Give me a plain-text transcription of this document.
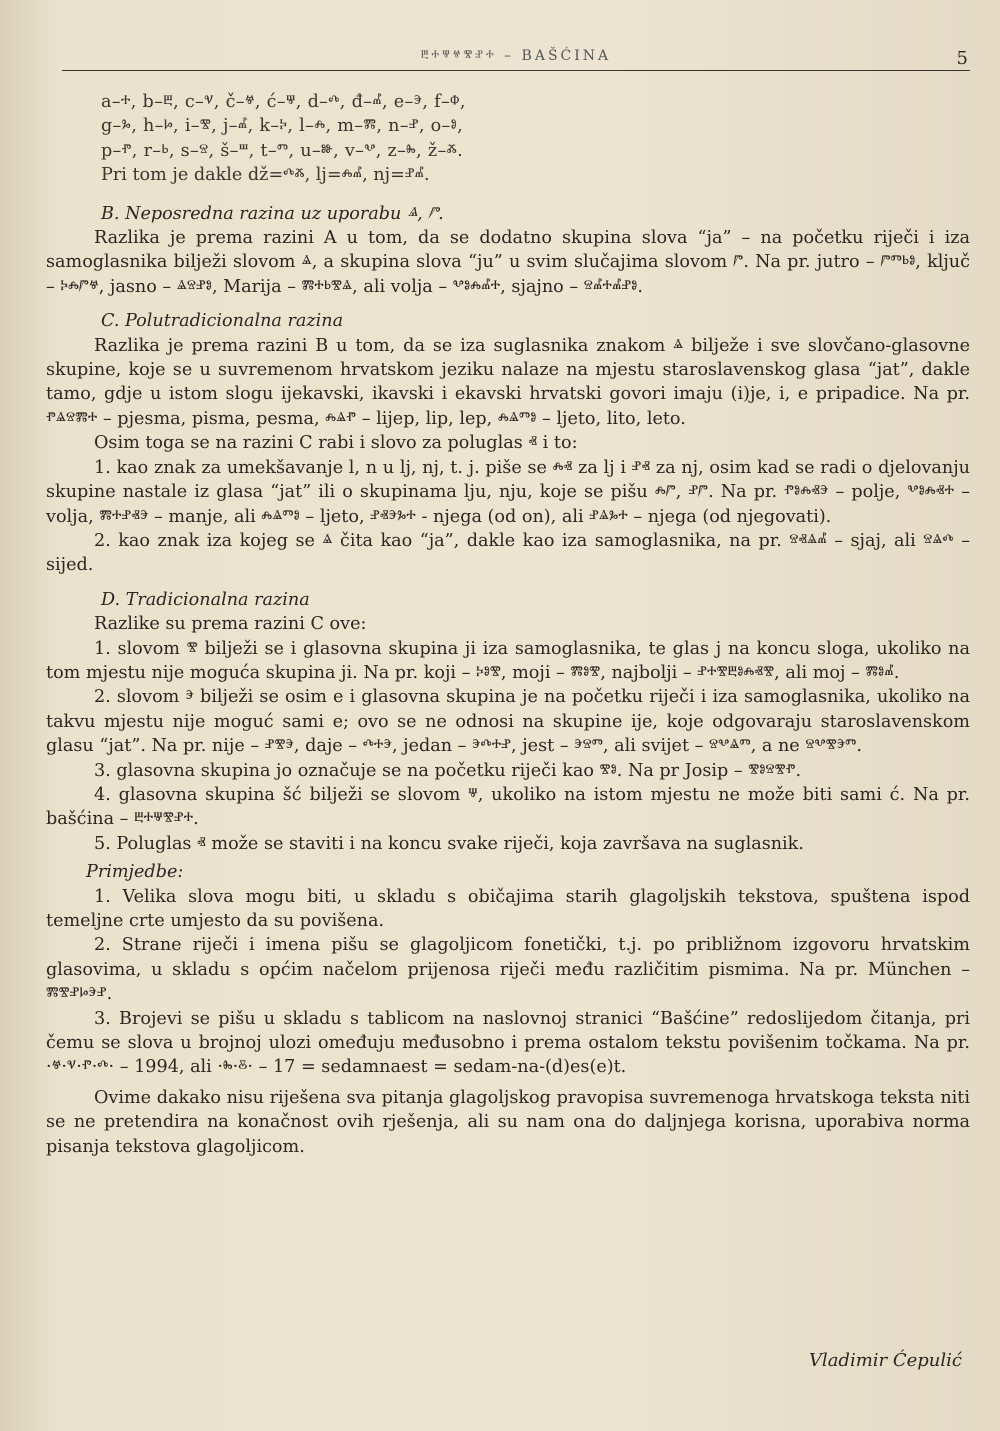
ⰱⰰⱋⱍⰺⱀⰰ – BAŠĆINA	5

a–ⰰ, b–ⰱ, c–ⱌ, č–ⱍ, ć–ⱋ, d–ⰴ, đ–ⰼ, e–ⰵ, f–ⱇ,

g–ⰳ, h–ⱈ, i–ⰺ, j–ⰼ, k–ⰽ, l–ⰾ, m–ⰿ, n–ⱀ, o–ⱁ,

p–ⱂ, r–ⱃ, s–ⱄ, š–ⱎ, t–ⱅ, u–ⱆ, v–ⰲ, z–ⰸ, ž–ⰶ.

Pri tom je dakle dž=ⰴⰶ, lj=ⰾⰼ, nj=ⱀⰼ.

B. Neposredna razina uz uporabu ⱑ, ⱓ.

Razlika je prema razini A u tom, da se dodatno skupina slova “ja” – na početku riječi i iza samoglasnika bilježi slovom ⱑ, a skupina slova “ju” u svim slučajima slovom ⱓ. Na pr. jutro – ⱓⱅⱃⱁ, ključ – ⰽⰾⱓⱍ, jasno – ⱑⱄⱀⱁ, Marija – ⰿⰰⱃⰺⱑ, ali volja – ⰲⱁⰾⰼⰰ, sjajno – ⱄⰼⰰⰼⱀⱁ.

C. Polutradicionalna razina

Razlika je prema razini B u tom, da se iza suglasnika znakom ⱑ bilježe i sve slovčano-glasovne skupine, koje se u suvremenom hrvatskom jeziku nalaze na mjestu staroslavenskog glasa “jat”, dakle tamo, gdje u istom slogu ijekavski, ikavski i ekavski hrvatski govori imaju (i)je, i, e pripadice. Na pr. ⱂⱑⱄⰿⰰ – pjesma, pisma, pesma, ⰾⱑⱂ – lijep, lip, lep, ⰾⱑⱅⱁ – ljeto, lito, leto.

Osim toga se na razini C rabi i slovo za poluglas ⱏ i to:

1. kao znak za umekšavanje l, n u lj, nj, t. j. piše se ⰾⱏ za lj i ⱀⱏ za nj, osim kad se radi o djelovanju skupine nastale iz glasa “jat” ili o skupinama lju, nju, koje se pišu ⰾⱓ, ⱀⱓ. Na pr. ⱂⱁⰾⱏⰵ – polje, ⰲⱁⰾⱏⰰ – volja, ⰿⰰⱀⱏⰵ – manje, ali ⰾⱑⱅⱁ – ljeto, ⱀⱏⰵⰳⰰ - njega (od on), ali ⱀⱑⰳⰰ – njega (od njegovati).

2. kao znak iza kojeg se ⱑ čita kao “ja”, dakle kao iza samoglasnika, na pr. ⱄⱏⱑⰼ – sjaj, ali ⱄⱑⰴ – sijed.

D. Tradicionalna razina

Razlike su prema razini C ove:

1. slovom ⰺ bilježi se i glasovna skupina ji iza samoglasnika, te glas j na koncu sloga, ukoliko na tom mjestu nije moguća skupina ji. Na pr. koji – ⰽⱁⰺ, moji – ⰿⱁⰺ, najbolji – ⱀⰰⰺⰱⱁⰾⱏⰺ, ali moj – ⰿⱁⰼ.

2. slovom ⰵ bilježi se osim e i glasovna skupina je na početku riječi i iza samoglasnika, ukoliko na takvu mjestu nije moguć sami e; ovo se ne odnosi na skupine ije, koje odgovaraju staroslavenskom glasu “jat”. Na pr. nije – ⱀⰺⰵ, daje – ⰴⰰⰵ, jedan – ⰵⰴⰰⱀ, jest – ⰵⱄⱅ, ali svijet – ⱄⰲⱑⱅ, a ne ⱄⰲⰺⰵⱅ.

3. glasovna skupina jo označuje se na početku riječi kao ⰺⱁ. Na pr Josip – ⰺⱁⱄⰺⱂ.

4. glasovna skupina šć bilježi se slovom ⱋ, ukoliko na istom mjestu ne može biti sami ć. Na pr. bašćina – ⰱⰰⱋⰺⱀⰰ.

5. Poluglas ⱏ može se staviti i na koncu svake riječi, koja završava na suglasnik.

Primjedbe:

1. Velika slova mogu biti, u skladu s običajima starih glagoljskih tekstova, spuštena ispod temeljne crte umjesto da su povišena.

2. Strane riječi i imena pišu se glagoljicom fonetički, t.j. po približnom izgovoru hrvatskim glasovima, u skladu s općim načelom prijenosa riječi među različitim pismima. Na pr. München – ⰿⰺⱀⱈⰵⱀ.

3. Brojevi se pišu u skladu s tablicom na naslovnoj stranici “Bašćine” redoslijedom čitanja, pri čemu se slova u brojnoj ulozi omeđuju međusobno i prema ostalom tekstu povišenim točkama. Na pr. ·ⱍ·ⱌ·ⱂ·ⰴ· – 1994, ali ·ⰸ·ⰻ· – 17 = sedamnaest = sedam-na-(d)es(e)t.

Ovime dakako nisu riješena sva pitanja glagoljskog pravopisa suvremenoga hrvatskoga teksta niti se ne pretendira na konačnost ovih rješenja, ali su nam ona do daljnjega korisna, uporabiva norma pisanja tekstova glagoljicom.

Vladimir Ćepulić
